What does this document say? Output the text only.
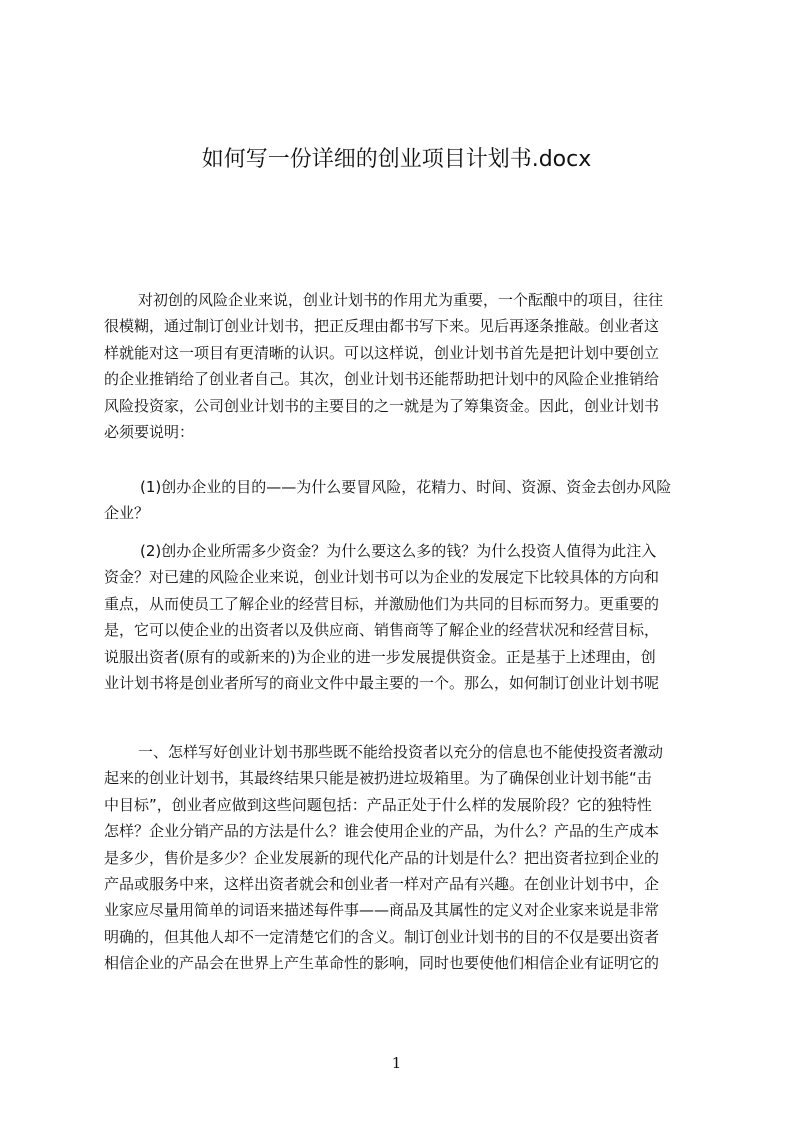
如何写一份详细的创业项目计划书.docx
对初创的风险企业来说，创业计划书的作用尤为重要，一个酝酿中的项目，往往
很模糊，通过制订创业计划书，把正反理由都书写下来。见后再逐条推敲。创业者这
样就能对这一项目有更清晰的认识。可以这样说，创业计划书首先是把计划中要创立
的企业推销给了创业者自己。其次，创业计划书还能帮助把计划中的风险企业推销给
风险投资家，公司创业计划书的主要目的之一就是为了筹集资金。因此，创业计划书
必须要说明：
(1)创办企业的目的——为什么要冒风险，花精力、时间、资源、资金去创办风险
企业？
(2)创办企业所需多少资金？为什么要这么多的钱？为什么投资人值得为此注入
资金？对已建的风险企业来说，创业计划书可以为企业的发展定下比较具体的方向和
重点，从而使员工了解企业的经营目标，并激励他们为共同的目标而努力。更重要的
是，它可以使企业的出资者以及供应商、销售商等了解企业的经营状况和经营目标，
说服出资者(原有的或新来的)为企业的进一步发展提供资金。正是基于上述理由，创
业计划书将是创业者所写的商业文件中最主要的一个。那么，如何制订创业计划书呢
一、怎样写好创业计划书那些既不能给投资者以充分的信息也不能使投资者激动
起来的创业计划书，其最终结果只能是被扔进垃圾箱里。为了确保创业计划书能“击
中目标”，创业者应做到这些问题包括：产品正处于什么样的发展阶段？它的独特性
怎样？企业分销产品的方法是什么？谁会使用企业的产品，为什么？产品的生产成本
是多少，售价是多少？企业发展新的现代化产品的计划是什么？把出资者拉到企业的
产品或服务中来，这样出资者就会和创业者一样对产品有兴趣。在创业计划书中，企
业家应尽量用简单的词语来描述每件事——商品及其属性的定义对企业家来说是非常
明确的，但其他人却不一定清楚它们的含义。制订创业计划书的目的不仅是要出资者
相信企业的产品会在世界上产生革命性的影响，同时也要使他们相信企业有证明它的
1
